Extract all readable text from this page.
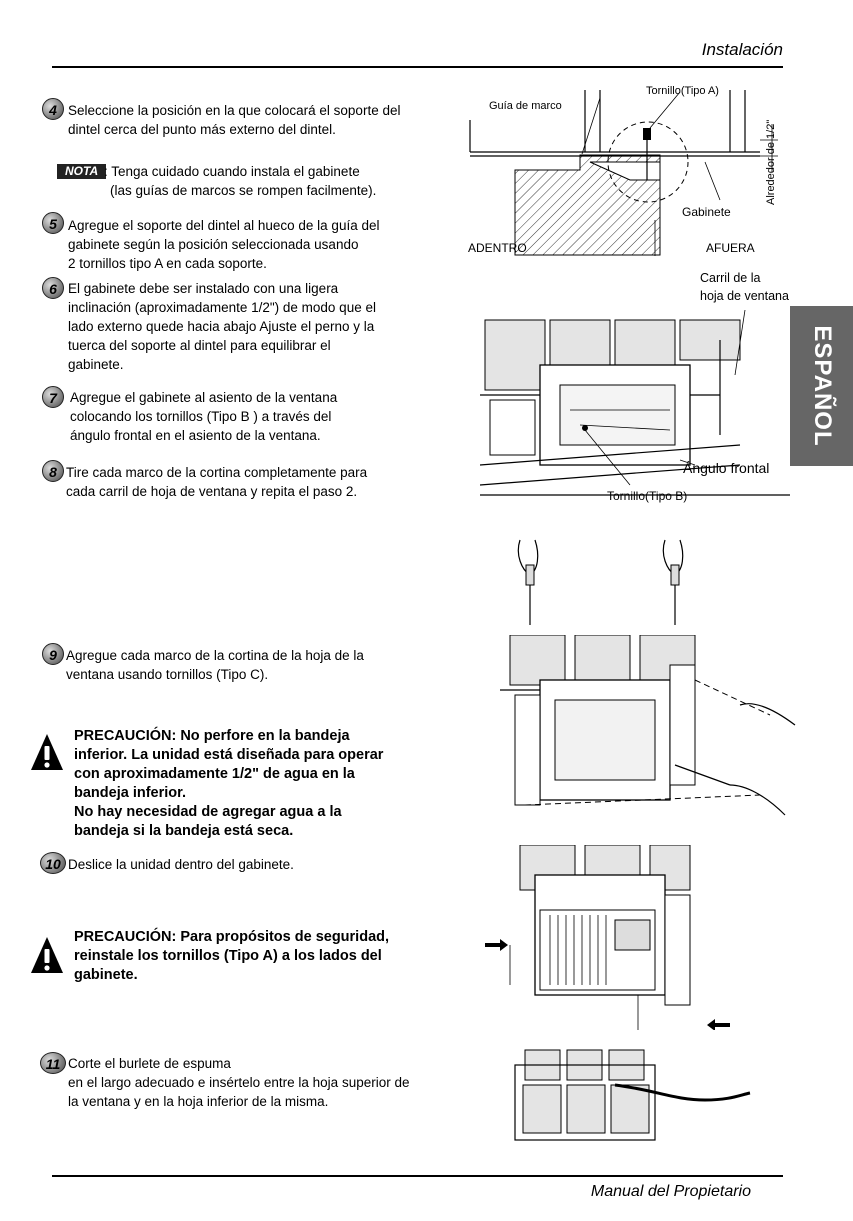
Instalación
ESPAÑOL
4 Seleccione la posición en la que colocará el soporte del
dintel cerca del punto más externo del dintel.
NOTA : Tenga cuidado cuando instala el gabinete
(las guías de marcos se rompen facilmente).
5 Agregue el soporte del dintel al hueco de la guía del
gabinete según la posición seleccionada usando
2 tornillos tipo A en cada soporte.
6 El gabinete debe ser instalado con una ligera
inclinación (aproximadamente 1/2") de modo que el
lado externo quede hacia abajo Ajuste el perno y la
tuerca del soporte al dintel para equilibrar el
gabinete.
7 Agregue el gabinete al asiento de la ventana
colocando los tornillos (Tipo B ) a través del
ángulo frontal en el asiento de la ventana.
8 Tire cada marco de la cortina completamente para
cada carril de hoja de ventana y repita el paso 2.
9 Agregue cada marco de la cortina de la hoja de la
ventana usando tornillos (Tipo C).
PRECAUCIÓN: No perfore en la bandeja
inferior. La unidad está diseñada para operar
con aproximadamente 1/2" de agua en la
bandeja inferior.
No hay necesidad de agregar agua a la
bandeja si la bandeja está seca.
10 Deslice la unidad dentro del gabinete.
PRECAUCIÓN: Para propósitos de seguridad,
reinstale los tornillos (Tipo A) a los lados del
gabinete.
11 Corte el burlete de espuma
en el largo adecuado e insértelo entre la hoja superior de
la ventana y en la hoja inferior de la misma.
Guía de marco
Tornillo(Tipo A)
Alrededor de 1/2"
Gabinete
ADENTRO	AFUERA
Carril de la
hoja de ventana
Ángulo frontal
Tornillo(Tipo B)
Manual del Propietario
